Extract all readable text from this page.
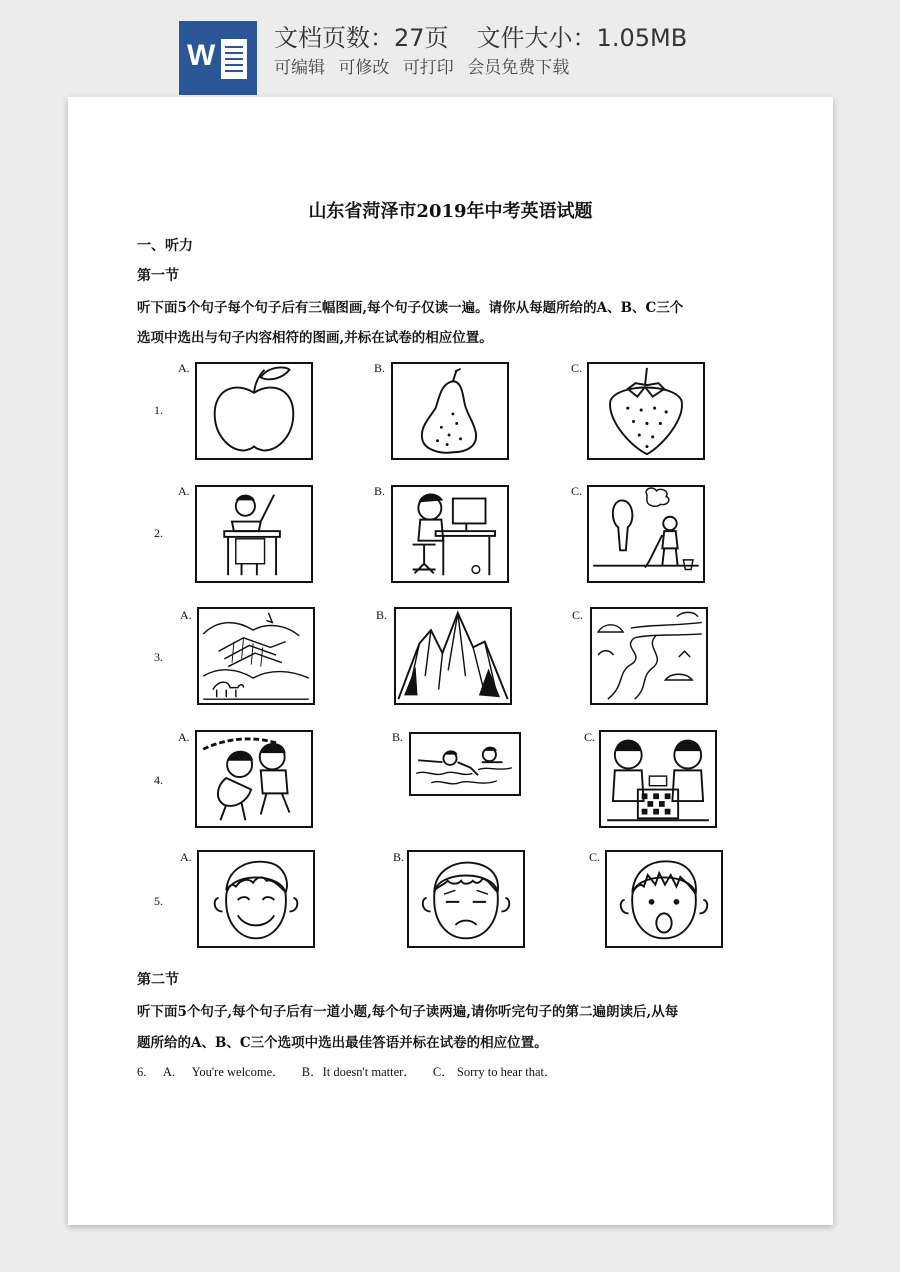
W
文档页数：27页 文件大小：1.05MB
可编辑 可修改 可打印 会员免费下载
山东省菏泽市2019年中考英语试题
一、听力
第一节
听下面5个句子每个句子后有三幅图画,每个句子仅读一遍。请你从每题所给的A、B、C三个
选项中选出与句子内容相符的图画,并标在试卷的相应位置。
1.
A.	B.	C.
2.
A.	B.	C.
3.
A.	B.	C.
4.
A.	B.	C.
5.
A.	B.	C.
第二节
听下面5个句子,每个句子后有一道小题,每个句子读两遍,请你听完句子的第二遍朗读后,从每
题所给的A、B、C三个选项中选出最佳答语并标在试卷的相应位置。
6. A. You're welcome． B．It doesn't matter． C． Sorry to hear that．
